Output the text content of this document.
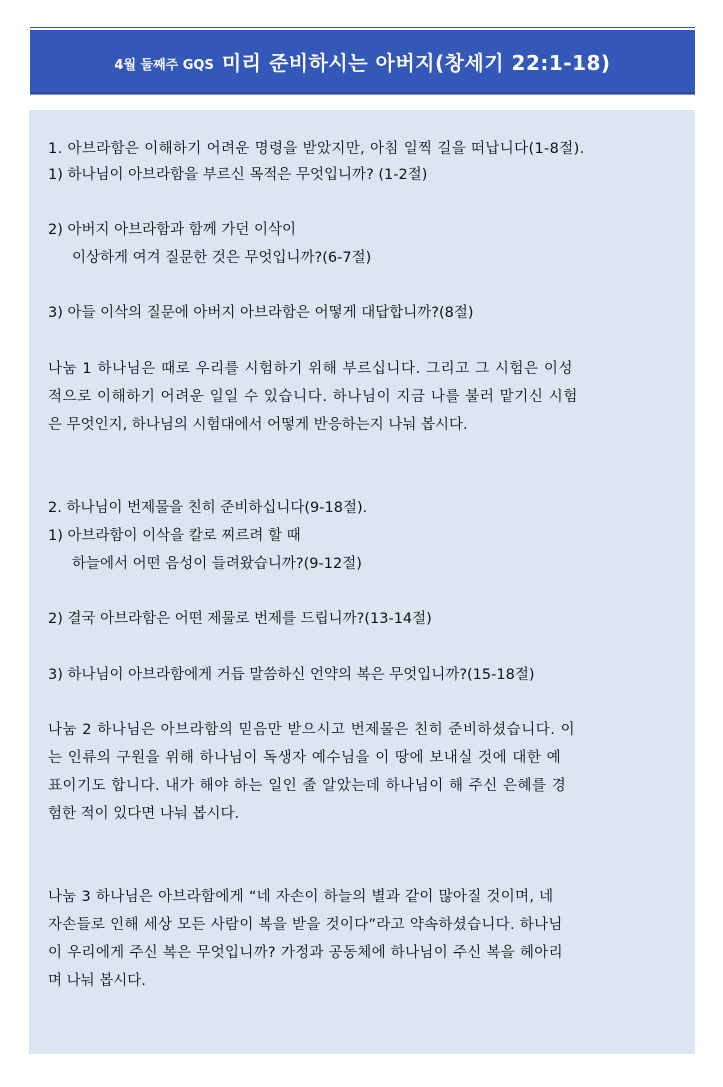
4월 둘째주 GQS 미리 준비하시는 아버지(창세기 22:1-18)
1. 아브라함은 이해하기 어려운 명령을 받았지만, 아침 일찍 길을 떠납니다(1-8절).
1) 하나님이 아브라함을 부르신 목적은 무엇입니까? (1-2절)
2) 아버지 아브라함과 함께 가던 이삭이
이상하게 여겨 질문한 것은 무엇입니까?(6-7절)
3) 아들 이삭의 질문에 아버지 아브라함은 어떻게 대답합니까?(8절)
나눔 1 하나님은 때로 우리를 시험하기 위해 부르십니다. 그리고 그 시험은 이성
적으로 이해하기 어려운 일일 수 있습니다. 하나님이 지금 나를 불러 맡기신 시험
은 무엇인지, 하나님의 시험대에서 어떻게 반응하는지 나눠 봅시다.
2. 하나님이 번제물을 친히 준비하십니다(9-18절).
1) 아브라함이 이삭을 칼로 찌르려 할 때
하늘에서 어떤 음성이 들려왔습니까?(9-12절)
2) 결국 아브라함은 어떤 제물로 번제를 드립니까?(13-14절)
3) 하나님이 아브라함에게 거듭 말씀하신 언약의 복은 무엇입니까?(15-18절)
나눔 2 하나님은 아브라함의 믿음만 받으시고 번제물은 친히 준비하셨습니다. 이
는 인류의 구원을 위해 하나님이 독생자 예수님을 이 땅에 보내실 것에 대한 예
표이기도 합니다. 내가 해야 하는 일인 줄 알았는데 하나님이 해 주신 은혜를 경
험한 적이 있다면 나눠 봅시다.
나눔 3 하나님은 아브라함에게 “네 자손이 하늘의 별과 같이 많아질 것이며, 네
자손들로 인해 세상 모든 사람이 복을 받을 것이다”라고 약속하셨습니다. 하나님
이 우리에게 주신 복은 무엇입니까? 가정과 공동체에 하나님이 주신 복을 헤아리
며 나눠 봅시다.
